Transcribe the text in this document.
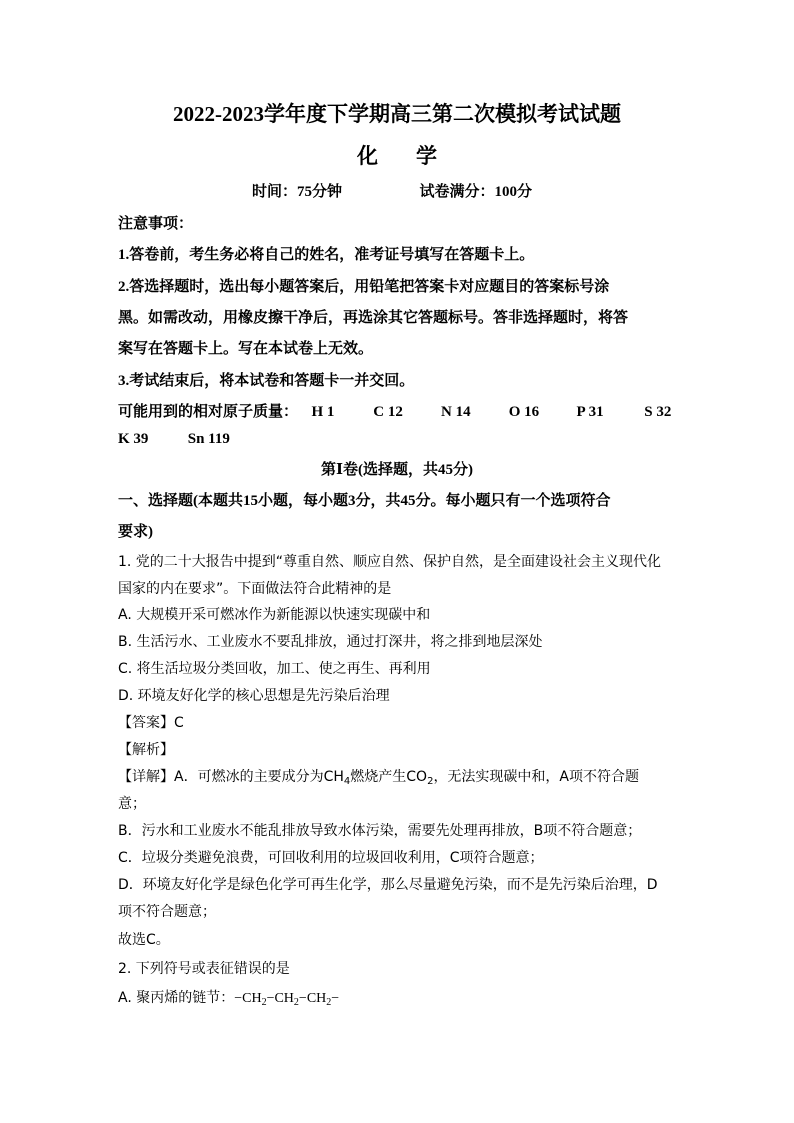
2022-2023学年度下学期高三第二次模拟考试试题
化学
时间：75分钟	试卷满分：100分
注意事项：
1.答卷前，考生务必将自己的姓名，准考证号填写在答题卡上。
2.答选择题时，选出每小题答案后，用铅笔把答案卡对应题目的答案标号涂
黑。如需改动，用橡皮擦干净后，再选涂其它答题标号。答非选择题时，将答
案写在答题卡上。写在本试卷上无效。
3.考试结束后，将本试卷和答题卡一并交回。
可能用到的相对原子质量： H 1	C 12	N 14	O 16 P 31	S 32
K 39	Sn 119
第Ⅰ卷(选择题，共45分)
一、选择题(本题共15小题，每小题3分，共45分。每小题只有一个选项符合
要求)
1. 党的二十大报告中提到“尊重自然、顺应自然、保护自然，是全面建设社会主义现代化
国家的内在要求”。下面做法符合此精神的是
A. 大规模开采可燃冰作为新能源以快速实现碳中和
B. 生活污水、工业废水不要乱排放，通过打深井，将之排到地层深处
C. 将生活垃圾分类回收，加工、使之再生、再利用
D. 环境友好化学的核心思想是先污染后治理
【答案】C
【解析】
【详解】A．可燃冰的主要成分为$CH_4$燃烧产生$CO_2$，无法实现碳中和，A项不符合题
意；
B．污水和工业废水不能乱排放导致水体污染，需要先处理再排放，B项不符合题意；
C．垃圾分类避免浪费，可回收利用的垃圾回收利用，C项符合题意；
D．环境友好化学是绿色化学可再生化学，那么尽量避免污染，而不是先污染后治理，D
项不符合题意；
故选C。
2. 下列符号或表征错误的是
A. 聚丙烯的链节：$-CH_2-CH_2-CH_2-$
